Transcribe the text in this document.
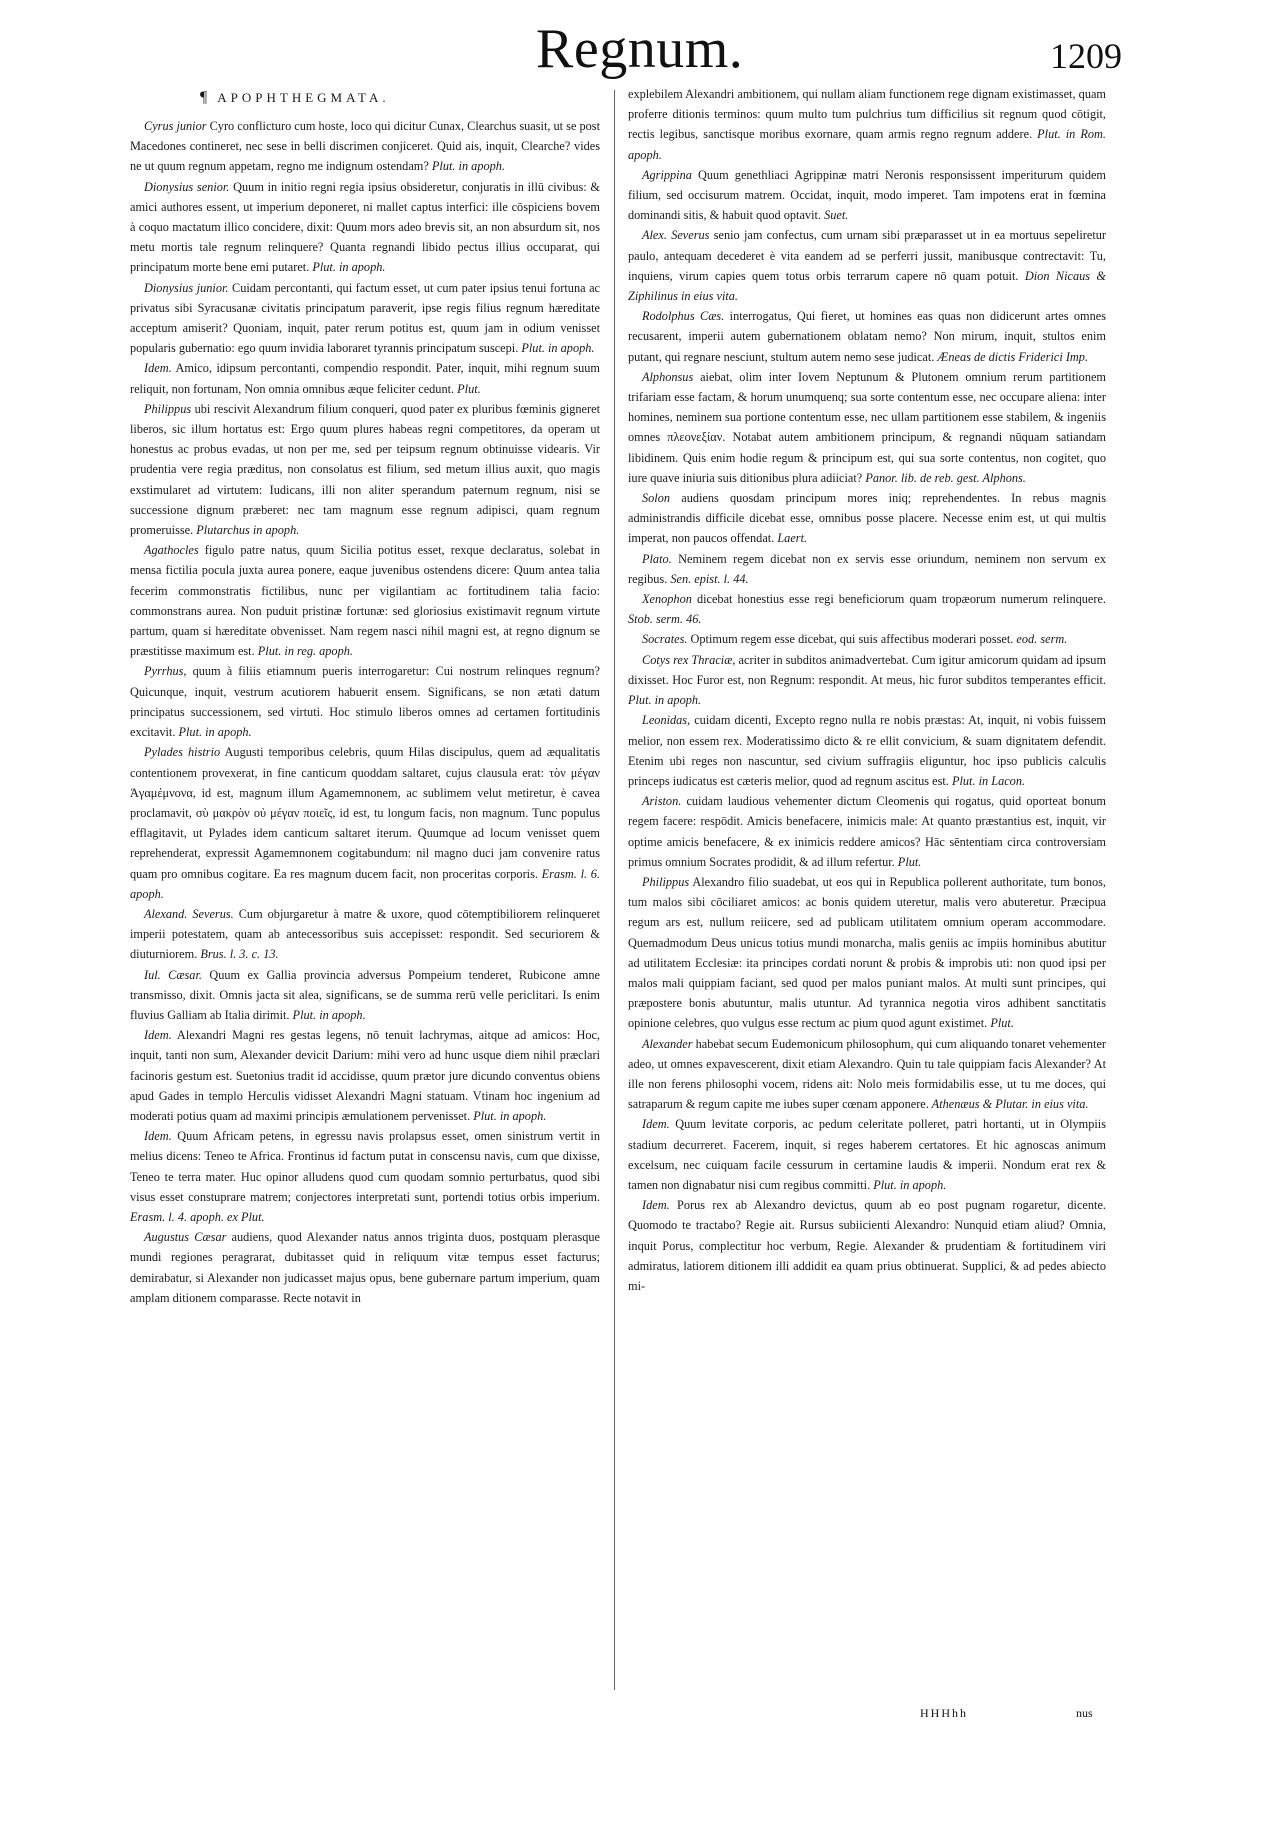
Regnum.	1209

¶ APOPHTHEGMATA.

Cyrus junior Cyro conflicturo cum hoste, loco qui dicitur Cunax, Clearchus suasit, ut se post Macedones contineret, nec sese in belli discrimen conjiceret. Quid ais, inquit, Clearche? vides ne ut quum regnum appetam, regno me indignum ostendam? Plut. in apoph.

Dionysius senior. Quum in initio regni regia ipsius obsideretur, conjuratis in illū civibus: & amici authores essent, ut imperium deponeret, ni mallet captus interfici: ille cōspiciens bovem à coquo mactatum illico concidere, dixit: Quum mors adeo brevis sit, an non absurdum sit, nos metu mortis tale regnum relinquere? Quanta regnandi libido pectus illius occuparat, qui principatum morte bene emi putaret. Plut. in apoph.

Dionysius junior. Cuidam percontanti, qui factum esset, ut cum pater ipsius tenui fortuna ac privatus sibi Syracusanæ civitatis principatum paraverit, ipse regis filius regnum hæreditate acceptum amiserit? Quoniam, inquit, pater rerum potitus est, quum jam in odium venisset popularis gubernatio: ego quum invidia laboraret tyrannis principatum suscepi. Plut. in apoph.

Idem. Amico, idipsum percontanti, compendio respondit. Pater, inquit, mihi regnum suum reliquit, non fortunam, Non omnia omnibus æque feliciter cedunt. Plut.

Philippus ubi rescivit Alexandrum filium conqueri, quod pater ex pluribus fœminis gigneret liberos, sic illum hortatus est: Ergo quum plures habeas regni competitores, da operam ut honestus ac probus evadas, ut non per me, sed per teipsum regnum obtinuisse videaris. Vir prudentia vere regia præditus, non consolatus est filium, sed metum illius auxit, quo magis exstimularet ad virtutem: Iudicans, illi non aliter sperandum paternum regnum, nisi se successione dignum præberet: nec tam magnum esse regnum adipisci, quam regnum promeruisse. Plutarchus in apoph.

Agathocles figulo patre natus, quum Sicilia potitus esset, rexque declaratus, solebat in mensa fictilia pocula juxta aurea ponere, eaque juvenibus ostendens dicere: Quum antea talia fecerim commonstratis fictilibus, nunc per vigilantiam ac fortitudinem talia facio: commonstrans aurea. Non puduit pristinæ fortunæ: sed gloriosius existimavit regnum virtute partum, quam si hæreditate obvenisset. Nam regem nasci nihil magni est, at regno dignum se præstitisse maximum est. Plut. in reg. apoph.

Pyrrhus, quum à filiis etiamnum pueris interrogaretur: Cui nostrum relinques regnum? Quicunque, inquit, vestrum acutiorem habuerit ensem. Significans, se non ætati datum principatus successionem, sed virtuti. Hoc stimulo liberos omnes ad certamen fortitudinis excitavit. Plut. in apoph.

Pylades histrio Augusti temporibus celebris, quum Hilas discipulus, quem ad æqualitatis contentionem provexerat, in fine canticum quoddam saltaret, cujus clausula erat: τὸν μέγαν Ἀγαμέμνονα, id est, magnum illum Agamemnonem, ac sublimem velut metiretur, è cavea proclamavit, σὺ μακρὸν οὐ μέγαν ποιεῖς, id est, tu longum facis, non magnum. Tunc populus efflagitavit, ut Pylades idem canticum saltaret iterum. Quumque ad locum venisset quem reprehenderat, expressit Agamemnonem cogitabundum: nil magno duci jam convenire ratus quam pro omnibus cogitare. Ea res magnum ducem facit, non proceritas corporis. Erasm. l. 6. apoph.

Alexand. Severus. Cum objurgaretur à matre & uxore, quod cōtemptibiliorem relinqueret imperii potestatem, quam ab antecessoribus suis accepisset: respondit. Sed securiorem & diuturniorem. Brus. l. 3. c. 13.

Iul. Cæsar. Quum ex Gallia provincia adversus Pompeium tenderet, Rubicone amne transmisso, dixit. Omnis jacta sit alea, significans, se de summa rerū velle periclitari. Is enim fluvius Galliam ab Italia dirimit. Plut. in apoph.

Idem. Alexandri Magni res gestas legens, nō tenuit lachrymas, aitque ad amicos: Hoc, inquit, tanti non sum, Alexander devicit Darium: mihi vero ad hunc usque diem nihil præclari facinoris gestum est. Suetonius tradit id accidisse, quum prætor jure dicundo conventus obiens apud Gades in templo Herculis vidisset Alexandri Magni statuam. Vtinam hoc ingenium ad moderati potius quam ad maximi principis æmulationem pervenisset. Plut. in apoph.

Idem. Quum Africam petens, in egressu navis prolapsus esset, omen sinistrum vertit in melius dicens: Teneo te Africa. Frontinus id factum putat in conscensu navis, cum que dixisse, Teneo te terra mater. Huc opinor alludens quod cum quodam somnio perturbatus, quod sibi visus esset constuprare matrem; conjectores interpretati sunt, portendi totius orbis imperium. Erasm. l. 4. apoph. ex Plut.

Augustus Cæsar audiens, quod Alexander natus annos triginta duos, postquam plerasque mundi regiones peragrarat, dubitasset quid in reliquum vitæ tempus esset facturus; demirabatur, si Alexander non judicasset majus opus, bene gubernare partum imperium, quam amplam ditionem comparasse. Recte notavit in

explebilem Alexandri ambitionem, qui nullam aliam functionem rege dignam existimasset, quam proferre ditionis terminos: quum multo tum pulchrius tum difficilius sit regnum quod cōtigit, rectis legibus, sanctisque moribus exornare, quam armis regno regnum addere. Plut. in Rom. apoph.

Agrippina Quum genethliaci Agrippinæ matri Neronis responsissent imperiturum quidem filium, sed occisurum matrem. Occidat, inquit, modo imperet. Tam impotens erat in fœmina dominandi sitis, & habuit quod optavit. Suet.

Alex. Severus senio jam confectus, cum urnam sibi præparasset ut in ea mortuus sepeliretur paulo, antequam decederet è vita eandem ad se perferri jussit, manibusque contrectavit: Tu, inquiens, virum capies quem totus orbis terrarum capere nō quam potuit. Dion Nicaus & Ziphilinus in eius vita.

Rodolphus Cæs. interrogatus, Qui fieret, ut homines eas quas non didicerunt artes omnes recusarent, imperii autem gubernationem oblatam nemo? Non mirum, inquit, stultos enim putant, qui regnare nesciunt, stultum autem nemo sese judicat. Æneas de dictis Friderici Imp.

Alphonsus aiebat, olim inter Iovem Neptunum & Plutonem omnium rerum partitionem trifariam esse factam, & horum unumquenq; sua sorte contentum esse, nec occupare aliena: inter homines, neminem sua portione contentum esse, nec ullam partitionem esse stabilem, & ingeniis omnes πλεονεξίαν. Notabat autem ambitionem principum, & regnandi nūquam satiandam libidinem. Quis enim hodie regum & principum est, qui sua sorte contentus, non cogitet, quo iure quave iniuria suis ditionibus plura adiiciat? Panor. lib. de reb. gest. Alphons.

Solon audiens quosdam principum mores iniq; reprehendentes. In rebus magnis administrandis difficile dicebat esse, omnibus posse placere. Necesse enim est, ut qui multis imperat, non paucos offendat. Laert.

Plato. Neminem regem dicebat non ex servis esse oriundum, neminem non servum ex regibus. Sen. epist. l. 44.

Xenophon dicebat honestius esse regi beneficiorum quam tropæorum numerum relinquere. Stob. serm. 46.

Socrates. Optimum regem esse dicebat, qui suis affectibus moderari posset. eod. serm.

Cotys rex Thraciæ, acriter in subditos animadvertebat. Cum igitur amicorum quidam ad ipsum dixisset. Hoc Furor est, non Regnum: respondit. At meus, hic furor subditos temperantes efficit. Plut. in apoph.

Leonidas, cuidam dicenti, Excepto regno nulla re nobis præstas: At, inquit, ni vobis fuissem melior, non essem rex. Moderatissimo dicto & re ellit convicium, & suam dignitatem defendit. Etenim ubi reges non nascuntur, sed civium suffragiis eliguntur, hoc ipso publicis calculis princeps iudicatus est cæteris melior, quod ad regnum ascitus est. Plut. in Lacon.

Ariston. cuidam laudious vehementer dictum Cleomenis qui rogatus, quid oporteat bonum regem facere: respōdit. Amicis benefacere, inimicis male: At quanto præstantius est, inquit, vir optime amicis benefacere, & ex inimicis reddere amicos? Hāc sēntentiam circa controversiam primus omnium Socrates prodidit, & ad illum refertur. Plut.

Philippus Alexandro filio suadebat, ut eos qui in Republica pollerent authoritate, tum bonos, tum malos sibi cōciliaret amicos: ac bonis quidem uteretur, malis vero abuteretur. Præcipua regum ars est, nullum reiicere, sed ad publicam utilitatem omnium operam accommodare. Quemadmodum Deus unicus totius mundi monarcha, malis geniis ac impiis hominibus abutitur ad utilitatem Ecclesiæ: ita principes cordati norunt & probis & improbis uti: non quod ipsi per malos mali quippiam faciant, sed quod per malos puniant malos. At multi sunt principes, qui præpostere bonis abutuntur, malis utuntur. Ad tyrannica negotia viros adhibent sanctitatis opinione celebres, quo vulgus esse rectum ac pium quod agunt existimet. Plut.

Alexander habebat secum Eudemonicum philosophum, qui cum aliquando tonaret vehementer adeo, ut omnes expavescerent, dixit etiam Alexandro. Quin tu tale quippiam facis Alexander? At ille non ferens philosophi vocem, ridens ait: Nolo meis formidabilis esse, ut tu me doces, qui satraparum & regum capite me iubes super cœnam apponere. Athenæus & Plutar. in eius vita.

Idem. Quum levitate corporis, ac pedum celeritate polleret, patri hortanti, ut in Olympiis stadium decurreret. Facerem, inquit, si reges haberem certatores. Et hic agnoscas animum excelsum, nec cuiquam facile cessurum in certamine laudis & imperii. Nondum erat rex & tamen non dignabatur nisi cum regibus committi. Plut. in apoph.

Idem. Porus rex ab Alexandro devictus, quum ab eo post pugnam rogaretur, dicente. Quomodo te tractabo? Regie ait. Rursus subiicienti Alexandro: Nunquid etiam aliud? Omnia, inquit Porus, complectitur hoc verbum, Regie. Alexander & prudentiam & fortitudinem viri admiratus, latiorem ditionem illi addidit ea quam prius obtinuerat. Supplici, & ad pedes abiecto mi-

HHHhh	nus
